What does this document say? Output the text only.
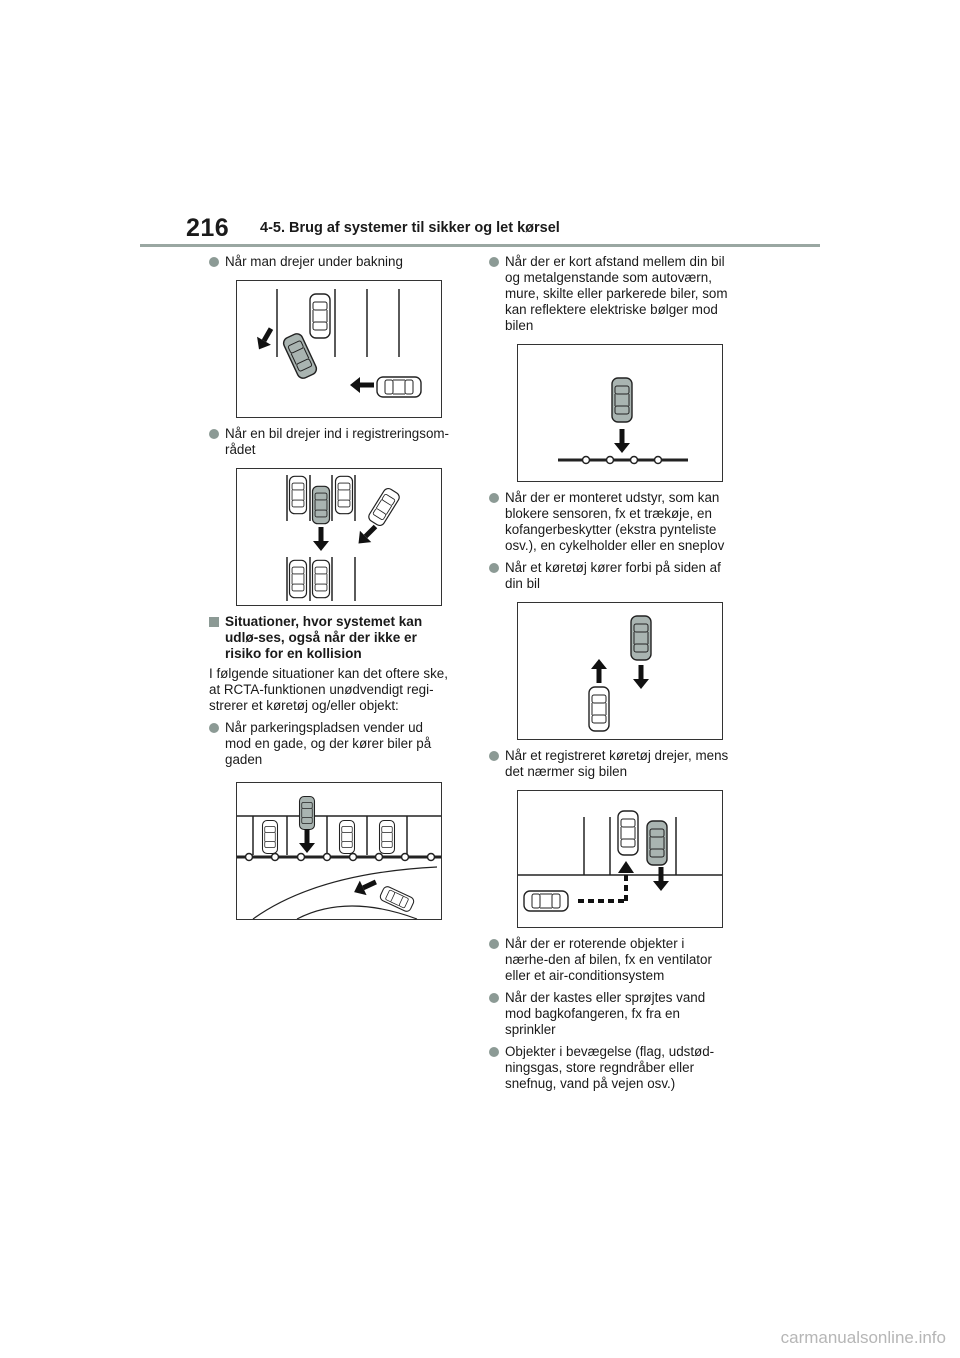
216 4-5. Brug af systemer til sikker og let kørsel
Når man drejer under bakning
Når en bil drejer ind i registreringsom-rådet
Situationer, hvor systemet kan udlø-ses, også når der ikke er risiko for en kollision
I følgende situationer kan det oftere ske, at RCTA-funktionen unødvendigt regi-strerer et køretøj og/eller objekt:
Når parkeringspladsen vender ud mod en gade, og der kører biler på gaden
Når der er kort afstand mellem din bil og metalgenstande som autoværn, mure, skilte eller parkerede biler, som kan reflektere elektriske bølger mod bilen
Når der er monteret udstyr, som kan blokere sensoren, fx et trækøje, en kofangerbeskytter (ekstra pynteliste osv.), en cykelholder eller en sneplov
Når et køretøj kører forbi på siden af din bil
Når et registreret køretøj drejer, mens det nærmer sig bilen
Når der er roterende objekter i nærhe-den af bilen, fx en ventilator eller et air-conditionsystem
Når der kastes eller sprøjtes vand mod bagkofangeren, fx fra en sprinkler
Objekter i bevægelse (flag, udstød-ningsgas, store regndråber eller snefnug, vand på vejen osv.)
carmanualsonline.info
